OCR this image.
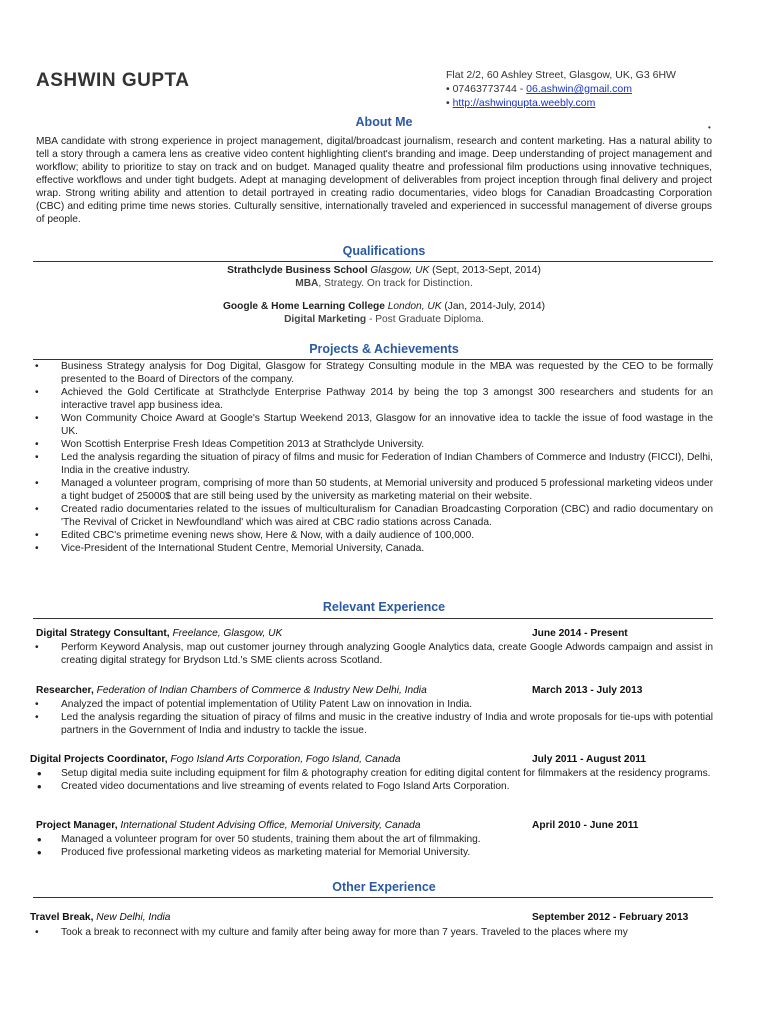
ASHWIN GUPTA	Flat 2/2, 60 Ashley Street, Glasgow, UK, G3 6HW
• 07463773744 - 06.ashwin@gmail.com
• http://ashwingupta.weebly.com
About Me	•
MBA candidate with strong experience in project management, digital/broadcast journalism, research and content marketing. Has a natural ability to tell a story through a camera lens as creative video content highlighting client's branding and image. Deep understanding of project management and workflow; ability to prioritize to stay on track and on budget. Managed quality theatre and professional film productions using innovative techniques, effective workflows and under tight budgets. Adept at managing development of deliverables from project inception through final delivery and project wrap. Strong writing ability and attention to detail portrayed in creating radio documentaries, video blogs for Canadian Broadcasting Corporation (CBC) and editing prime time news stories. Culturally sensitive, internationally traveled and experienced in successful management of diverse groups of people.
Qualifications
Strathclyde Business School Glasgow, UK (Sept, 2013-Sept, 2014)
MBA, Strategy. On track for Distinction.
Google & Home Learning College London, UK (Jan, 2014-July, 2014)
Digital Marketing - Post Graduate Diploma.
Projects & Achievements
• Business Strategy analysis for Dog Digital, Glasgow for Strategy Consulting module in the MBA was requested by the CEO to be formally presented to the Board of Directors of the company.
• Achieved the Gold Certificate at Strathclyde Enterprise Pathway 2014 by being the top 3 amongst 300 researchers and students for an interactive travel app business idea.
• Won Community Choice Award at Google's Startup Weekend 2013, Glasgow for an innovative idea to tackle the issue of food wastage in the UK.
• Won Scottish Enterprise Fresh Ideas Competition 2013 at Strathclyde University.
• Led the analysis regarding the situation of piracy of films and music for Federation of Indian Chambers of Commerce and Industry (FICCI), Delhi, India in the creative industry.
• Managed a volunteer program, comprising of more than 50 students, at Memorial university and produced 5 professional marketing videos under a tight budget of 25000$ that are still being used by the university as marketing material on their website.
• Created radio documentaries related to the issues of multiculturalism for Canadian Broadcasting Corporation (CBC) and radio documentary on 'The Revival of Cricket in Newfoundland' which was aired at CBC radio stations across Canada.
• Edited CBC's primetime evening news show, Here & Now, with a daily audience of 100,000.
• Vice-President of the International Student Centre, Memorial University, Canada.
Relevant Experience
Digital Strategy Consultant, Freelance, Glasgow, UK	June 2014 - Present
• Perform Keyword Analysis, map out customer journey through analyzing Google Analytics data, create Google Adwords campaign and assist in creating digital strategy for Brydson Ltd.'s SME clients across Scotland.
Researcher, Federation of Indian Chambers of Commerce & Industry New Delhi, India	March 2013 - July 2013
• Analyzed the impact of potential implementation of Utility Patent Law on innovation in India.
• Led the analysis regarding the situation of piracy of films and music in the creative industry of India and wrote proposals for tie-ups with potential partners in the Government of India and industry to tackle the issue.
Digital Projects Coordinator, Fogo Island Arts Corporation, Fogo Island, Canada	July 2011 - August 2011
• Setup digital media suite including equipment for film & photography creation for editing digital content for filmmakers at the residency programs.
• Created video documentations and live streaming of events related to Fogo Island Arts Corporation.
Project Manager, International Student Advising Office, Memorial University, Canada	April 2010 - June 2011
• Managed a volunteer program for over 50 students, training them about the art of filmmaking.
• Produced five professional marketing videos as marketing material for Memorial University.
Other Experience
Travel Break, New Delhi, India	September 2012 - February 2013
• Took a break to reconnect with my culture and family after being away for more than 7 years. Traveled to the places where my
